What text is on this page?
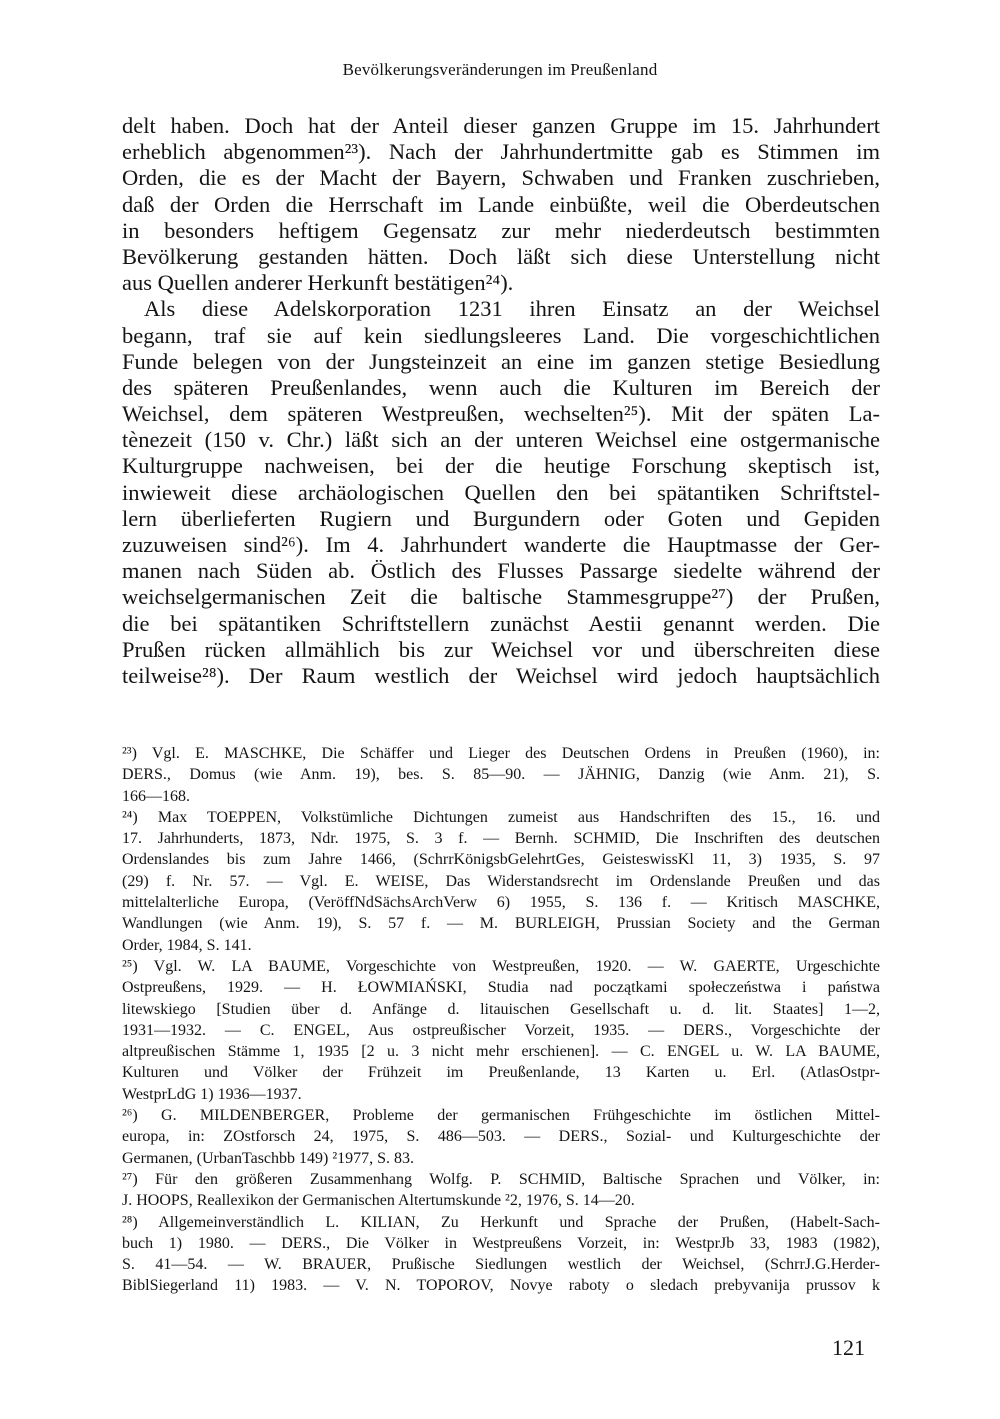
Bevölkerungsveränderungen im Preußenland
delt haben. Doch hat der Anteil dieser ganzen Gruppe im 15. Jahrhundert
erheblich abgenommen²³). Nach der Jahrhundertmitte gab es Stimmen im
Orden, die es der Macht der Bayern, Schwaben und Franken zuschrieben,
daß der Orden die Herrschaft im Lande einbüßte, weil die Oberdeutschen
in besonders heftigem Gegensatz zur mehr niederdeutsch bestimmten
Bevölkerung gestanden hätten. Doch läßt sich diese Unterstellung nicht
aus Quellen anderer Herkunft bestätigen²⁴).
Als diese Adelskorporation 1231 ihren Einsatz an der Weichsel
begann, traf sie auf kein siedlungsleeres Land. Die vorgeschichtlichen
Funde belegen von der Jungsteinzeit an eine im ganzen stetige Besiedlung
des späteren Preußenlandes, wenn auch die Kulturen im Bereich der
Weichsel, dem späteren Westpreußen, wechselten²⁵). Mit der späten La-
tènezeit (150 v. Chr.) läßt sich an der unteren Weichsel eine ostgermanische
Kulturgruppe nachweisen, bei der die heutige Forschung skeptisch ist,
inwieweit diese archäologischen Quellen den bei spätantiken Schriftstel-
lern überlieferten Rugiern und Burgundern oder Goten und Gepiden
zuzuweisen sind²⁶). Im 4. Jahrhundert wanderte die Hauptmasse der Ger-
manen nach Süden ab. Östlich des Flusses Passarge siedelte während der
weichselgermanischen Zeit die baltische Stammesgruppe²⁷) der Prußen,
die bei spätantiken Schriftstellern zunächst Aestii genannt werden. Die
Prußen rücken allmählich bis zur Weichsel vor und überschreiten diese
teilweise²⁸). Der Raum westlich der Weichsel wird jedoch hauptsächlich
²³) Vgl. E. MASCHKE, Die Schäffer und Lieger des Deutschen Ordens in Preußen (1960), in:
DERS., Domus (wie Anm. 19), bes. S. 85—90. — JÄHNIG, Danzig (wie Anm. 21), S.
166—168.
²⁴) Max TOEPPEN, Volkstümliche Dichtungen zumeist aus Handschriften des 15., 16. und
17. Jahrhunderts, 1873, Ndr. 1975, S. 3 f. — Bernh. SCHMID, Die Inschriften des deutschen
Ordenslandes bis zum Jahre 1466, (SchrrKönigsbGelehrtGes, GeisteswissKl 11, 3) 1935, S. 97
(29) f. Nr. 57. — Vgl. E. WEISE, Das Widerstandsrecht im Ordenslande Preußen und das
mittelalterliche Europa, (VeröffNdSächsArchVerw 6) 1955, S. 136 f. — Kritisch MASCHKE,
Wandlungen (wie Anm. 19), S. 57 f. — M. BURLEIGH, Prussian Society and the German
Order, 1984, S. 141.
²⁵) Vgl. W. LA BAUME, Vorgeschichte von Westpreußen, 1920. — W. GAERTE, Urgeschichte
Ostpreußens, 1929. — H. ŁOWMIAŃSKI, Studia nad początkami społeczeństwa i państwa
litewskiego [Studien über d. Anfänge d. litauischen Gesellschaft u. d. lit. Staates] 1—2,
1931—1932. — C. ENGEL, Aus ostpreußischer Vorzeit, 1935. — DERS., Vorgeschichte der
altpreußischen Stämme 1, 1935 [2 u. 3 nicht mehr erschienen]. — C. ENGEL u. W. LA BAUME,
Kulturen und Völker der Frühzeit im Preußenlande, 13 Karten u. Erl. (AtlasOstpr-
WestprLdG 1) 1936—1937.
²⁶) G. MILDENBERGER, Probleme der germanischen Frühgeschichte im östlichen Mittel-
europa, in: ZOstforsch 24, 1975, S. 486—503. — DERS., Sozial- und Kulturgeschichte der
Germanen, (UrbanTaschbb 149) ²1977, S. 83.
²⁷) Für den größeren Zusammenhang Wolfg. P. SCHMID, Baltische Sprachen und Völker, in:
J. HOOPS, Reallexikon der Germanischen Altertumskunde ²2, 1976, S. 14—20.
²⁸) Allgemeinverständlich L. KILIAN, Zu Herkunft und Sprache der Prußen, (Habelt-Sach-
buch 1) 1980. — DERS., Die Völker in Westpreußens Vorzeit, in: WestprJb 33, 1983 (1982),
S. 41—54. — W. BRAUER, Prußische Siedlungen westlich der Weichsel, (SchrrJ.G.Herder-
BiblSiegerland 11) 1983. — V. N. TOPOROV, Novye raboty o sledach prebyvanija prussov k
121
